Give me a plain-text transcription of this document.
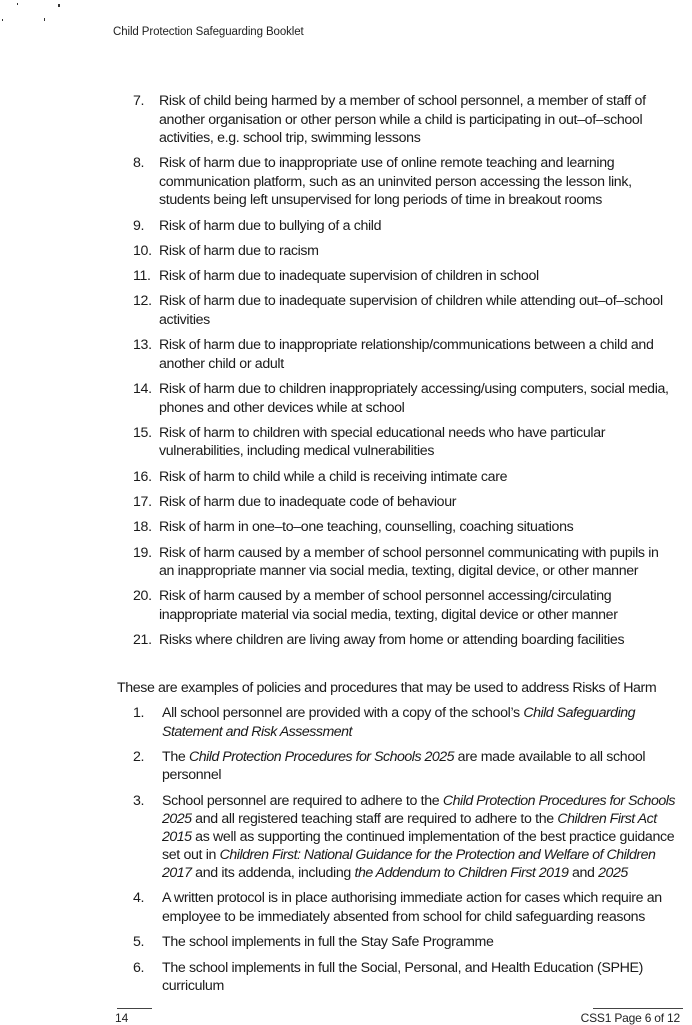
Child Protection Safeguarding Booklet
7. Risk of child being harmed by a member of school personnel, a member of staff of another organisation or other person while a child is participating in out–of–school activities, e.g. school trip, swimming lessons
8. Risk of harm due to inappropriate use of online remote teaching and learning communication platform, such as an uninvited person accessing the lesson link, students being left unsupervised for long periods of time in breakout rooms
9. Risk of harm due to bullying of a child
10. Risk of harm due to racism
11. Risk of harm due to inadequate supervision of children in school
12. Risk of harm due to inadequate supervision of children while attending out–of–school activities
13. Risk of harm due to inappropriate relationship/communications between a child and another child or adult
14. Risk of harm due to children inappropriately accessing/using computers, social media, phones and other devices while at school
15. Risk of harm to children with special educational needs who have particular vulnerabilities, including medical vulnerabilities
16. Risk of harm to child while a child is receiving intimate care
17. Risk of harm due to inadequate code of behaviour
18. Risk of harm in one–to–one teaching, counselling, coaching situations
19. Risk of harm caused by a member of school personnel communicating with pupils in an inappropriate manner via social media, texting, digital device, or other manner
20. Risk of harm caused by a member of school personnel accessing/circulating inappropriate material via social media, texting, digital device or other manner
21. Risks where children are living away from home or attending boarding facilities
These are examples of policies and procedures that may be used to address Risks of Harm
1. All school personnel are provided with a copy of the school’s Child Safeguarding Statement and Risk Assessment
2. The Child Protection Procedures for Schools 2025 are made available to all school personnel
3. School personnel are required to adhere to the Child Protection Procedures for Schools 2025 and all registered teaching staff are required to adhere to the Children First Act 2015 as well as supporting the continued implementation of the best practice guidance set out in Children First: National Guidance for the Protection and Welfare of Children 2017 and its addenda, including the Addendum to Children First 2019 and 2025
4. A written protocol is in place authorising immediate action for cases which require an employee to be immediately absented from school for child safeguarding reasons
5. The school implements in full the Stay Safe Programme
6. The school implements in full the Social, Personal, and Health Education (SPHE) curriculum
14	CSS1 Page 6 of 12
